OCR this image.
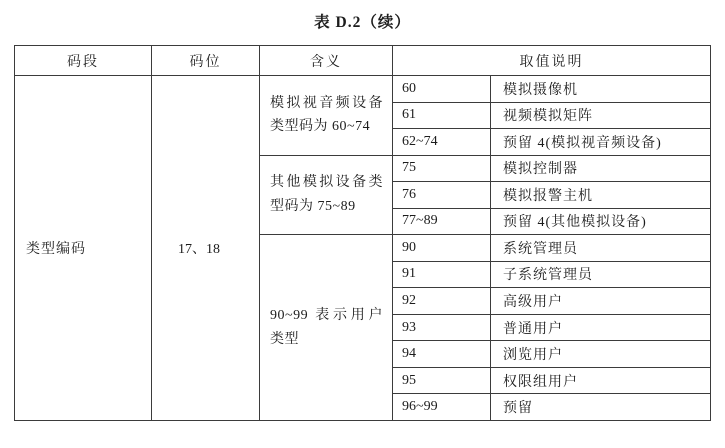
表 D.2（续）
码段	码位	含义	取值说明	
类型编码	17、18	模拟视音频设备类型码为 60~74	60	模拟摄像机
			61	视频模拟矩阵
			62~74	预留 4(模拟视音频设备)
		其他模拟设备类型码为 75~89	75	模拟控制器
			76	模拟报警主机
			77~89	预留 4(其他模拟设备)
		90~99 表示用户类型	90	系统管理员
			91	子系统管理员
			92	高级用户
			93	普通用户
			94	浏览用户
			95	权限组用户
			96~99	预留
